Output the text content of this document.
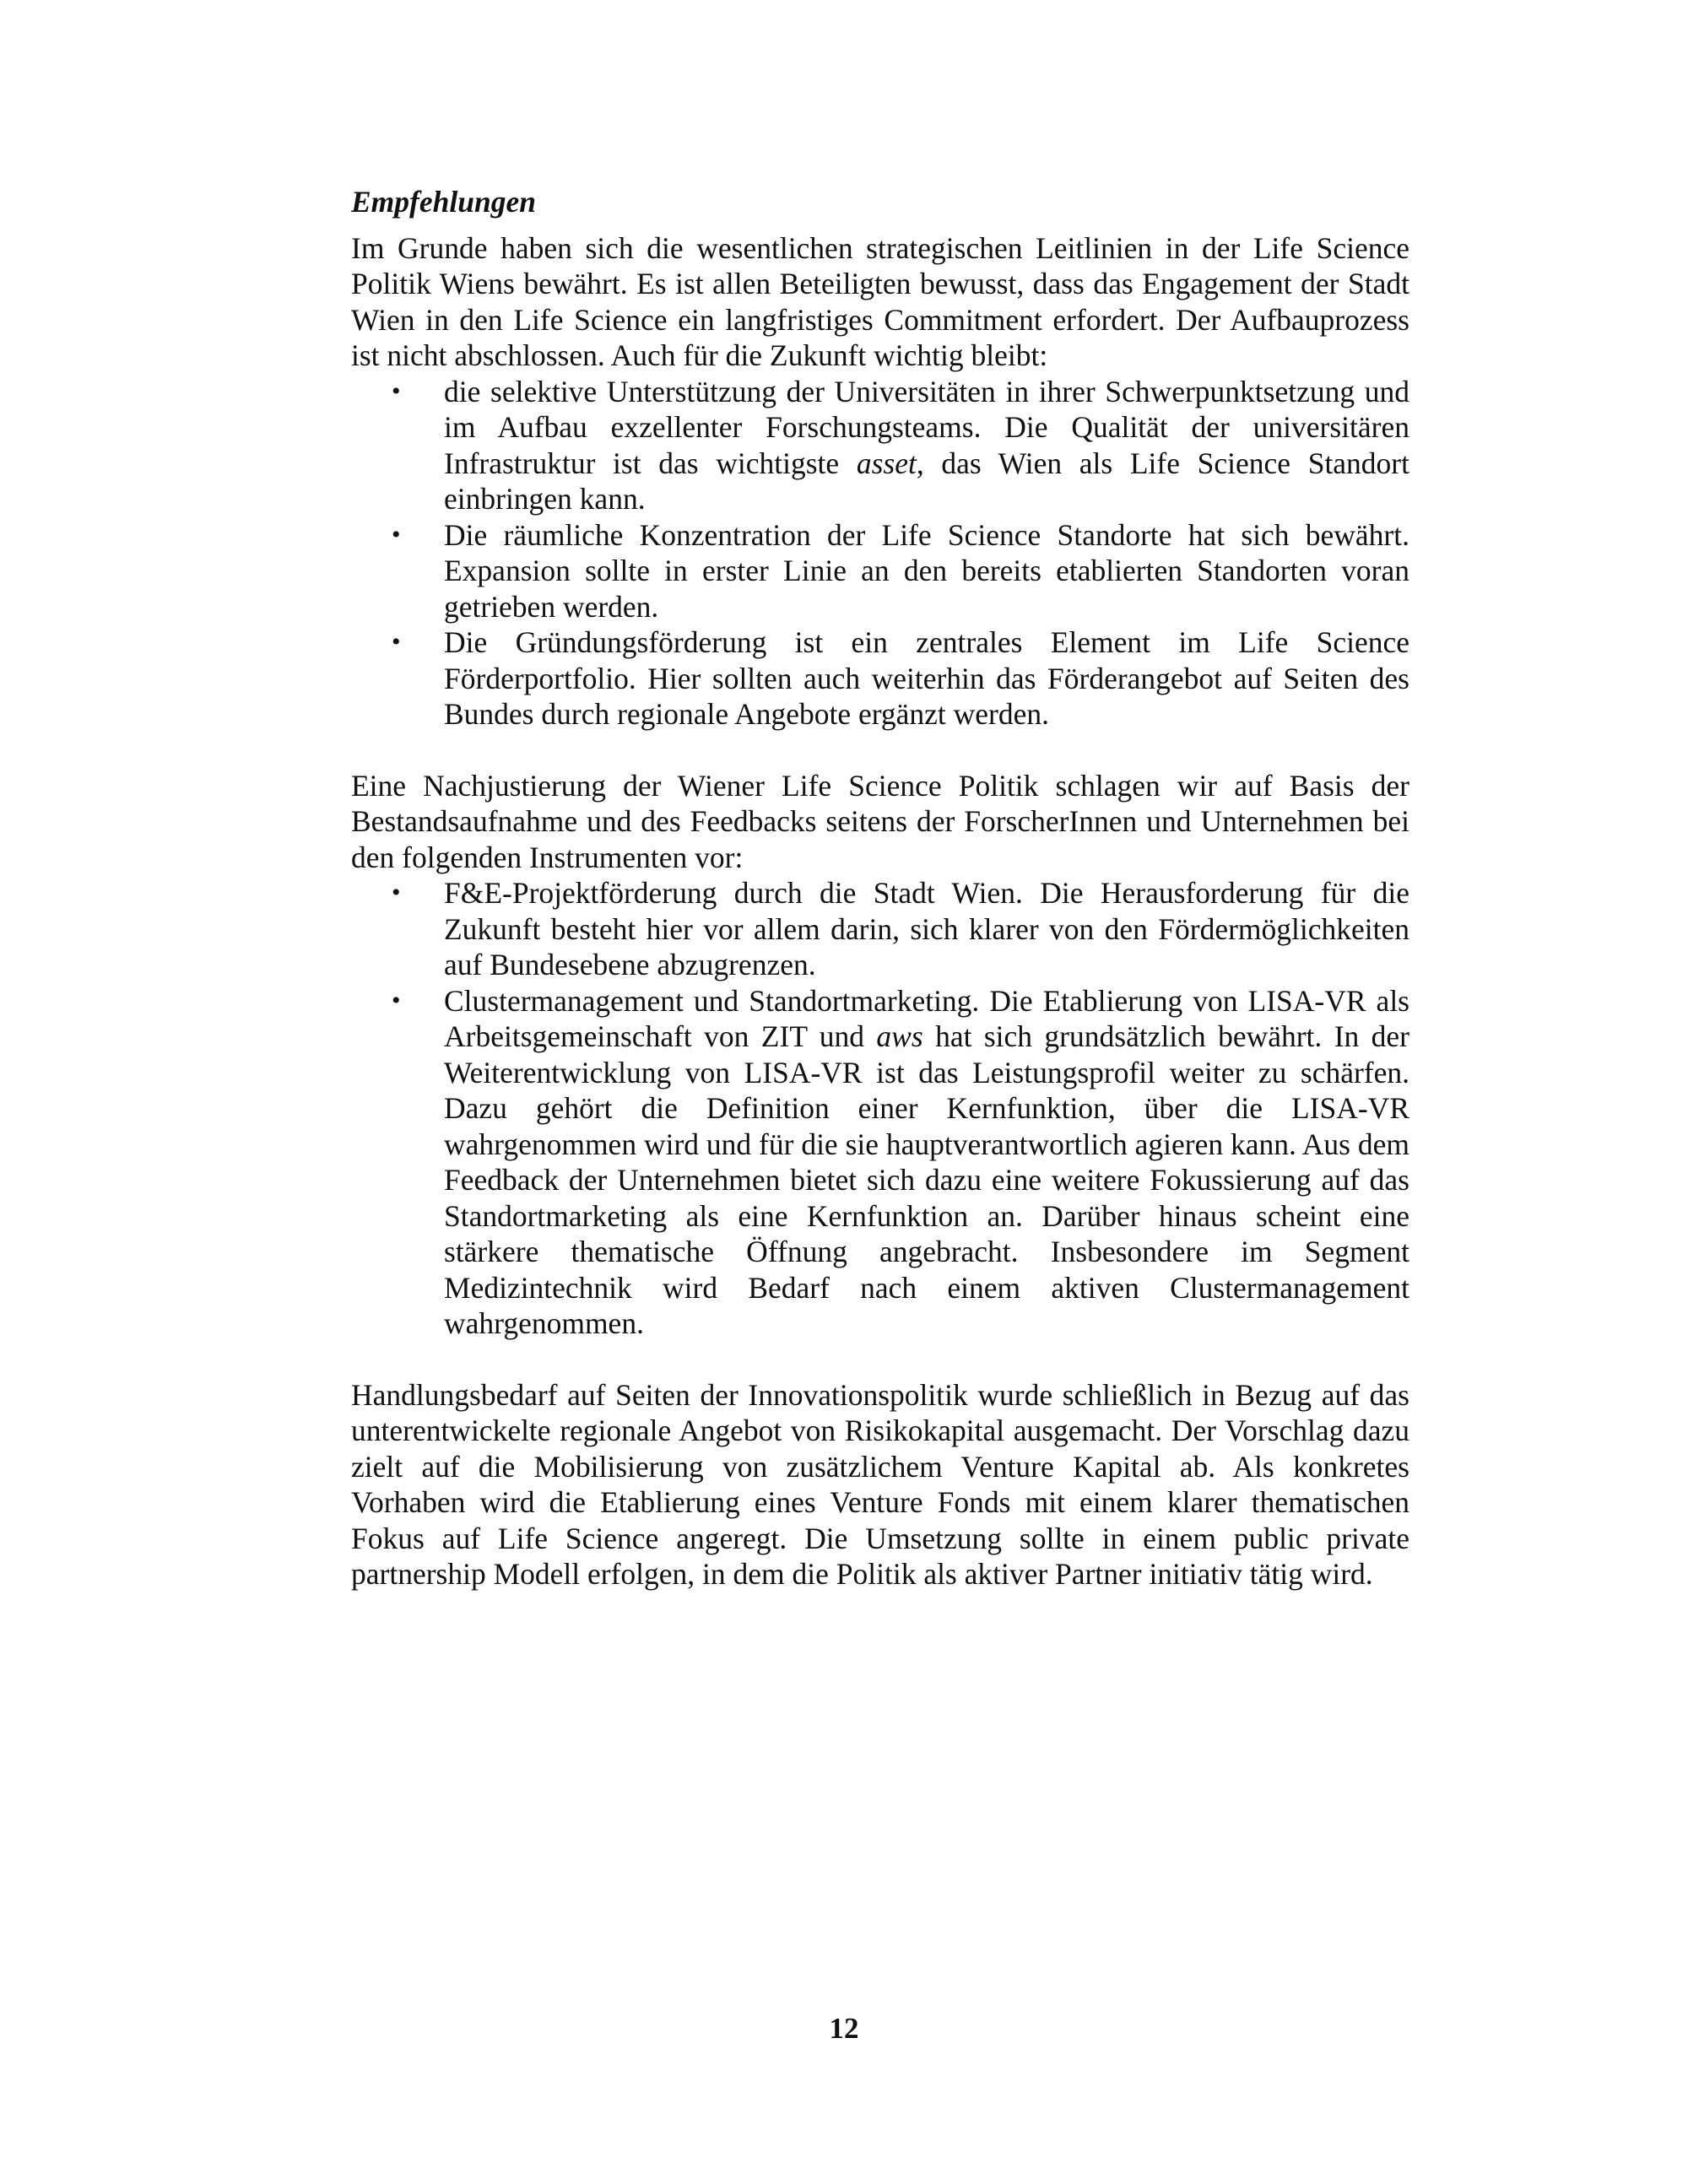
Empfehlungen

Im Grunde haben sich die wesentlichen strategischen Leitlinien in der Life Science Politik Wiens bewährt. Es ist allen Beteiligten bewusst, dass das Engagement der Stadt Wien in den Life Science ein langfristiges Commitment erfordert. Der Aufbauprozess ist nicht abschlossen. Auch für die Zukunft wichtig bleibt:

• die selektive Unterstützung der Universitäten in ihrer Schwerpunktsetzung und im Aufbau exzellenter Forschungsteams. Die Qualität der universitären Infrastruktur ist das wichtigste asset, das Wien als Life Science Standort einbringen kann.
• Die räumliche Konzentration der Life Science Standorte hat sich bewährt. Expansion sollte in erster Linie an den bereits etablierten Standorten voran getrieben werden.
• Die Gründungsförderung ist ein zentrales Element im Life Science Förderportfolio. Hier sollten auch weiterhin das Förderangebot auf Seiten des Bundes durch regionale Angebote ergänzt werden.

Eine Nachjustierung der Wiener Life Science Politik schlagen wir auf Basis der Bestandsaufnahme und des Feedbacks seitens der ForscherInnen und Unternehmen bei den folgenden Instrumenten vor:

• F&E-Projektförderung durch die Stadt Wien. Die Herausforderung für die Zukunft besteht hier vor allem darin, sich klarer von den Fördermöglichkeiten auf Bundesebene abzugrenzen.
• Clustermanagement und Standortmarketing. Die Etablierung von LISA-VR als Arbeitsgemeinschaft von ZIT und aws hat sich grundsätzlich bewährt. In der Weiterentwicklung von LISA-VR ist das Leistungsprofil weiter zu schärfen. Dazu gehört die Definition einer Kernfunktion, über die LISA-VR wahrgenommen wird und für die sie hauptverantwortlich agieren kann. Aus dem Feedback der Unternehmen bietet sich dazu eine weitere Fokussierung auf das Standortmarketing als eine Kernfunktion an. Darüber hinaus scheint eine stärkere thematische Öffnung angebracht. Insbesondere im Segment Medizintechnik wird Bedarf nach einem aktiven Clustermanagement wahrgenommen.

Handlungsbedarf auf Seiten der Innovationspolitik wurde schließlich in Bezug auf das unterentwickelte regionale Angebot von Risikokapital ausgemacht. Der Vorschlag dazu zielt auf die Mobilisierung von zusätzlichem Venture Kapital ab. Als konkretes Vorhaben wird die Etablierung eines Venture Fonds mit einem klarer thematischen Fokus auf Life Science angeregt. Die Umsetzung sollte in einem public private partnership Modell erfolgen, in dem die Politik als aktiver Partner initiativ tätig wird.

12
